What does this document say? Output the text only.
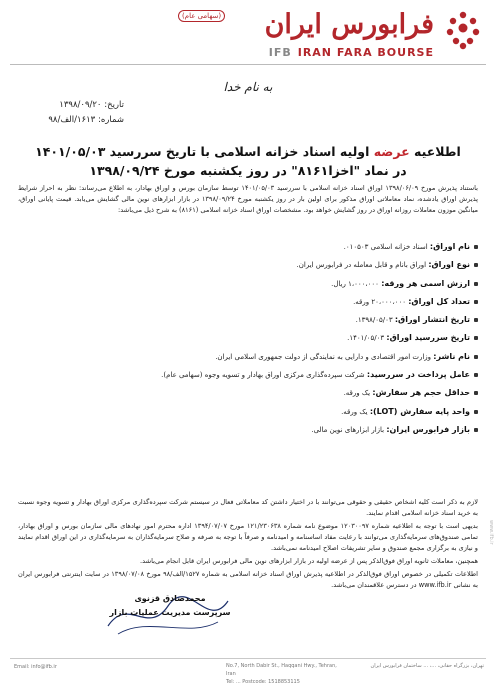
فرابورس ایران
(سهامی عام)
IFB IRAN FARA BOURSE
به نام خدا
تاریخ: ۱۳۹۸/۰۹/۲۰
شماره: ۱۶۱۳/الف/۹۸
اطلاعیه عرضه اولیه اسناد خزانه اسلامی با تاریخ سررسید ۱۴۰۱/۰۵/۰۳
در نماد "اخزا۸۱۶۱" در روز یکشنبه مورخ ۱۳۹۸/۰۹/۲۴
باستناد پذیرش مورخ ۱۳۹۸/۰۶/۰۹ اوراق اسناد خزانه اسلامی با سررسید ۱۴۰۱/۰۵/۰۳ توسط سازمان بورس و اوراق بهادار، به اطلاع می‌رساند: نظر به احراز شرایط پذیرش اوراق یادشده، نماد معاملاتی اوراق مذکور برای اولین بار در روز یکشنبه مورخ ۱۳۹۸/۰۹/۲۴ در بازار ابزارهای نوین مالی گشایش می‌یابد. قیمت پایانی اوراق، میانگین موزون معاملات روزانه اوراق در روز گشایش خواهد بود. مشخصات اوراق اسناد خزانه اسلامی (۸۱۶۱) به شرح ذیل می‌باشد:
نام اوراق: اسناد خزانه اسلامی ۰۱۰۵۰۳.
نوع اوراق: اوراق بانام و قابل معامله در فرابورس ایران.
ارزش اسمی هر ورقه: ۱،۰۰۰،۰۰۰ ریال.
تعداد کل اوراق: ۲۰،۰۰۰،۰۰۰ ورقه.
تاریخ انتشار اوراق: ۱۳۹۸/۰۵/۰۳.
تاریخ سررسید اوراق: ۱۴۰۱/۰۵/۰۳.
نام ناشر: وزارت امور اقتصادی و دارایی به نمایندگی از دولت جمهوری اسلامی ایران.
عامل پرداخت در سررسید: شرکت سپرده‌گذاری مرکزی اوراق بهادار و تسویه وجوه (سهامی عام).
حداقل حجم هر سفارش: یک ورقه.
واحد پایه سفارش (LOT): یک ورقه.
بازار فرابورس ایران: بازار ابزارهای نوین مالی.

لازم به ذکر است کلیه اشخاص حقیقی و حقوقی می‌توانند با در اختیار داشتن کد معاملاتی فعال در سیستم شرکت سپرده‌گذاری مرکزی اوراق بهادار و تسویه وجوه نسبت به خرید اسناد خزانه اسلامی اقدام نمایند.

بدیهی است با توجه به اطلاعیه شماره ۱۲۰۳۰۰۹۷ موضوع نامه شماره ۱۲۱/۲۳۰۶۳۸ مورخ ۱۳۹۴/۰۷/۰۷ اداره محترم امور نهادهای مالی سازمان بورس و اوراق بهادار، تمامی صندوق‌های سرمایه‌گذاری می‌توانند با رعایت مفاد اساسنامه و امیدنامه و صرفاً با توجه به صرفه و صلاح سرمایه‌گذاران به سرمایه‌گذاری در این اوراق اقدام نمایند و نیازی به برگزاری مجمع صندوق و سایر تشریفات اصلاح امیدنامه نمی‌باشد.

همچنین، معاملات ثانویه اوراق فوق‌الذکر پس از عرضه اولیه در بازار ابزارهای نوین مالی فرابورس ایران قابل انجام می‌باشد.

اطلاعات تکمیلی در خصوص اوراق فوق‌الذکر در اطلاعیه پذیرش اوراق اسناد خزانه اسلامی به شماره ۱۵۲۷/الف/۹۸ مورخ ۱۳۹۸/۰۷/۰۸ در سایت اینترنتی فرابورس ایران به نشانی www.ifb.ir در دسترس علاقمندان می‌باشد.

محمدصادق قزنوی
سرپرست مدیریت عملیات بازار
www.ifb.ir
تهران، بزرگراه حقانی، ...، ... ساختمان فرابورس ایران
No.7, North Dabir St., Haqqani Hwy., Tehran, Iran
Tel: ... Postcode: 1518853115
Email: info@ifb.ir
